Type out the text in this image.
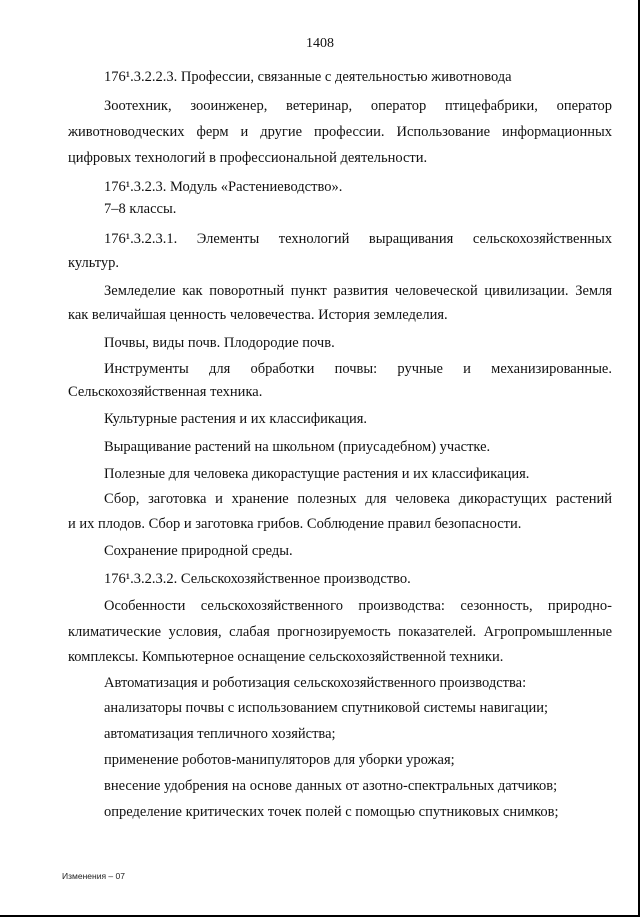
1408

176¹.3.2.2.3. Профессии, связанные с деятельностью животновода

Зоотехник, зооинженер, ветеринар, оператор птицефабрики, оператор

животноводческих ферм и другие профессии. Использование информационных

цифровых технологий в профессиональной деятельности.

176¹.3.2.3. Модуль «Растениеводство».

7–8 классы.

176¹.3.2.3.1. Элементы технологий выращивания сельскохозяйственных

культур.

Земледелие как поворотный пункт развития человеческой цивилизации. Земля

как величайшая ценность человечества. История земледелия.

Почвы, виды почв. Плодородие почв.

Инструменты для обработки почвы: ручные и механизированные.

Сельскохозяйственная техника.

Культурные растения и их классификация.

Выращивание растений на школьном (приусадебном) участке.

Полезные для человека дикорастущие растения и их классификация.

Сбор, заготовка и хранение полезных для человека дикорастущих растений

и их плодов. Сбор и заготовка грибов. Соблюдение правил безопасности.

Сохранение природной среды.

176¹.3.2.3.2. Сельскохозяйственное производство.

Особенности сельскохозяйственного производства: сезонность, природно-

климатические условия, слабая прогнозируемость показателей. Агропромышленные

комплексы. Компьютерное оснащение сельскохозяйственной техники.

Автоматизация и роботизация сельскохозяйственного производства:

анализаторы почвы с использованием спутниковой системы навигации;

автоматизация тепличного хозяйства;

применение роботов-манипуляторов для уборки урожая;

внесение удобрения на основе данных от азотно-спектральных датчиков;

определение критических точек полей с помощью спутниковых снимков;

Изменения – 07
